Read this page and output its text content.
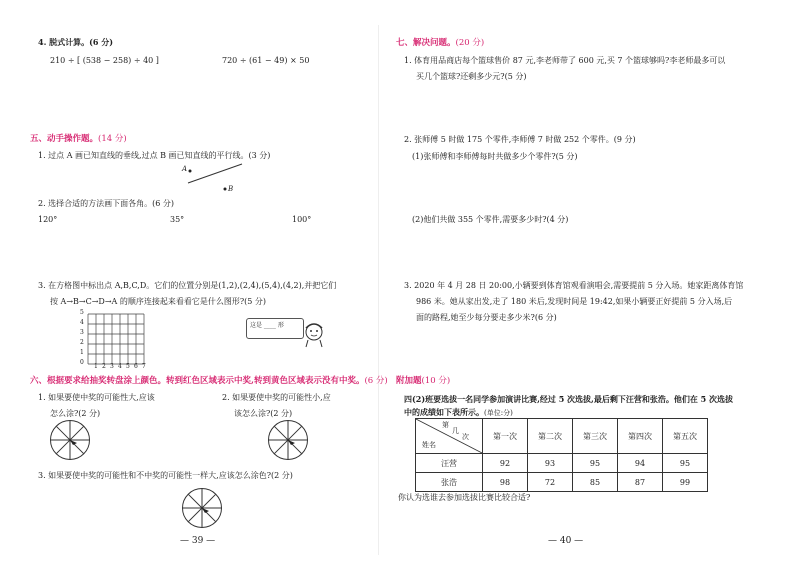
4. 脱式计算。(6 分)
210 ÷ [ (538 − 258) ÷ 40 ]	720 ÷ (61 − 49) × 50
五、动手操作题。(14 分)
1. 过点 A 画已知直线的垂线,过点 B 画已知直线的平行线。(3 分)
A
B
2. 选择合适的方法画下面各角。(6 分)
120°	35°	100°
3. 在方格图中标出点 A,B,C,D。它们的位置分别是(1,2),(2,4),(5,4),(4,2),并把它们
按 A→B→C→D→A 的顺序连接起来看看它是什么图形?(5 分)
5
4
3
2
1
0
1 2 3 4 5 6 7
这是 ____ 形
六、根据要求给抽奖转盘涂上颜色。转到红色区域表示中奖,转到黄色区域表示没有中奖。(6 分)
1. 如果要使中奖的可能性大,应该
怎么涂?(2 分)
2. 如果要使中奖的可能性小,应
该怎么涂?(2 分)
3. 如果要使中奖的可能性和不中奖的可能性一样大,应该怎么涂色?(2 分)
— 39 —
七、解决问题。(20 分)
1. 体育用品商店每个篮球售价 87 元,李老师带了 600 元,买 7 个篮球够吗?李老师最多可以
买几个篮球?还剩多少元?(5 分)
2. 张师傅 5 时做 175 个零件,李师傅 7 时做 252 个零件。(9 分)
(1)张师傅和李师傅每时共做多少个零件?(5 分)
(2)他们共做 355 个零件,需要多少时?(4 分)
3. 2020 年 4 月 28 日 20:00,小辆要到体育馆观看演唱会,需要提前 5 分入场。她家距离体育馆
986 米。她从家出发,走了 180 米后,发现时间是 19:42,如果小辆要正好提前 5 分入场,后
面的路程,她至少每分要走多少米?(6 分)
附加题(10 分)
四(2)班要选拔一名同学参加演讲比赛,经过 5 次选拔,最后剩下汪营和张浩。他们在 5 次选拔
中的成绩如下表所示。(单位:分)
第
几
次
姓名	第一次	第二次	第三次	第四次	第五次
汪营	92	93	95	94	95
张浩	98	72	85	87	99
你认为选谁去参加选拔比赛比较合适?
— 40 —
